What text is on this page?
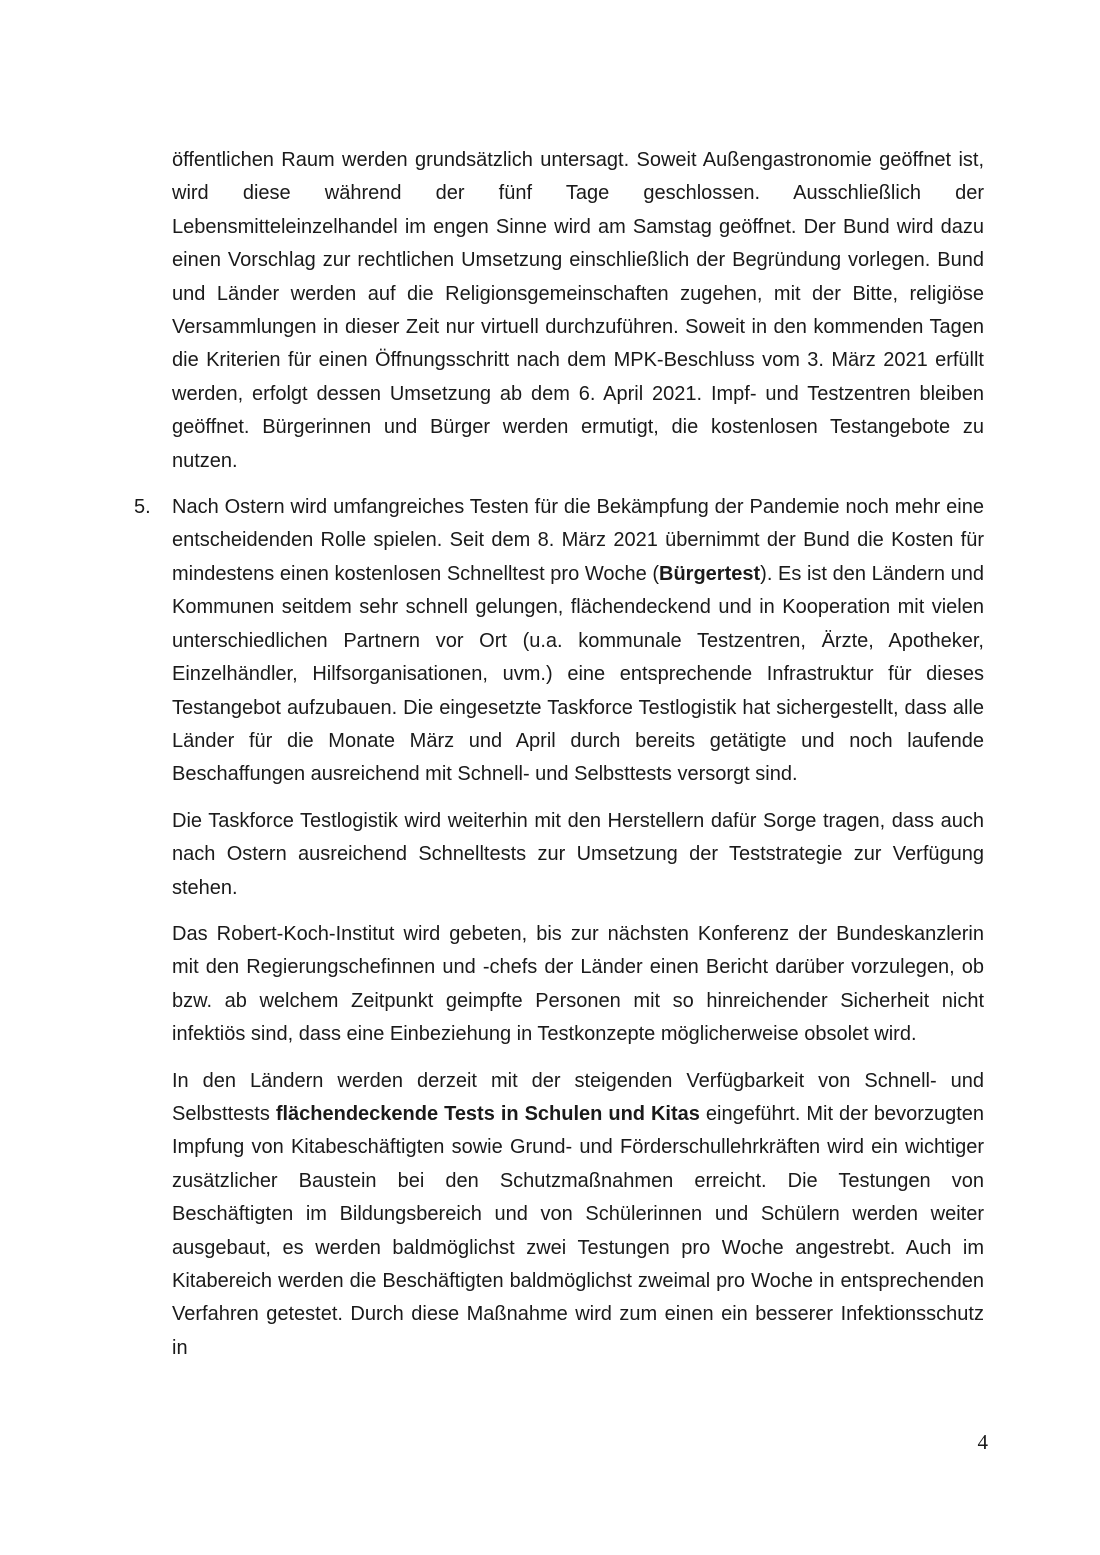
öffentlichen Raum werden grundsätzlich untersagt. Soweit Außengastronomie geöffnet ist, wird diese während der fünf Tage geschlossen. Ausschließlich der Lebensmitteleinzelhandel im engen Sinne wird am Samstag geöffnet. Der Bund wird dazu einen Vorschlag zur rechtlichen Umsetzung einschließlich der Begründung vorlegen. Bund und Länder werden auf die Religionsgemeinschaften zugehen, mit der Bitte, religiöse Versammlungen in dieser Zeit nur virtuell durchzuführen. Soweit in den kommenden Tagen die Kriterien für einen Öffnungsschritt nach dem MPK-Beschluss vom 3. März 2021 erfüllt werden, erfolgt dessen Umsetzung ab dem 6. April 2021. Impf- und Testzentren bleiben geöffnet. Bürgerinnen und Bürger werden ermutigt, die kostenlosen Testangebote zu nutzen.

5.	Nach Ostern wird umfangreiches Testen für die Bekämpfung der Pandemie noch mehr eine entscheidenden Rolle spielen. Seit dem 8. März 2021 übernimmt der Bund die Kosten für mindestens einen kostenlosen Schnelltest pro Woche (Bürgertest). Es ist den Ländern und Kommunen seitdem sehr schnell gelungen, flächendeckend und in Kooperation mit vielen unterschiedlichen Partnern vor Ort (u.a. kommunale Testzentren, Ärzte, Apotheker, Einzelhändler, Hilfsorganisationen, uvm.) eine entsprechende Infrastruktur für dieses Testangebot aufzubauen. Die eingesetzte Taskforce Testlogistik hat sichergestellt, dass alle Länder für die Monate März und April durch bereits getätigte und noch laufende Beschaffungen ausreichend mit Schnell- und Selbsttests versorgt sind.

Die Taskforce Testlogistik wird weiterhin mit den Herstellern dafür Sorge tragen, dass auch nach Ostern ausreichend Schnelltests zur Umsetzung der Teststrategie zur Verfügung stehen.

Das Robert-Koch-Institut wird gebeten, bis zur nächsten Konferenz der Bundeskanzlerin mit den Regierungschefinnen und -chefs der Länder einen Bericht darüber vorzulegen, ob bzw. ab welchem Zeitpunkt geimpfte Personen mit so hinreichender Sicherheit nicht infektiös sind, dass eine Einbeziehung in Testkonzepte möglicherweise obsolet wird.

In den Ländern werden derzeit mit der steigenden Verfügbarkeit von Schnell- und Selbsttests flächendeckende Tests in Schulen und Kitas eingeführt. Mit der bevorzugten Impfung von Kitabeschäftigten sowie Grund- und Förderschullehrkräften wird ein wichtiger zusätzlicher Baustein bei den Schutzmaßnahmen erreicht. Die Testungen von Beschäftigten im Bildungsbereich und von Schülerinnen und Schülern werden weiter ausgebaut, es werden baldmöglichst zwei Testungen pro Woche angestrebt. Auch im Kitabereich werden die Beschäftigten baldmöglichst zweimal pro Woche in entsprechenden Verfahren getestet. Durch diese Maßnahme wird zum einen ein besserer Infektionsschutz in

4
